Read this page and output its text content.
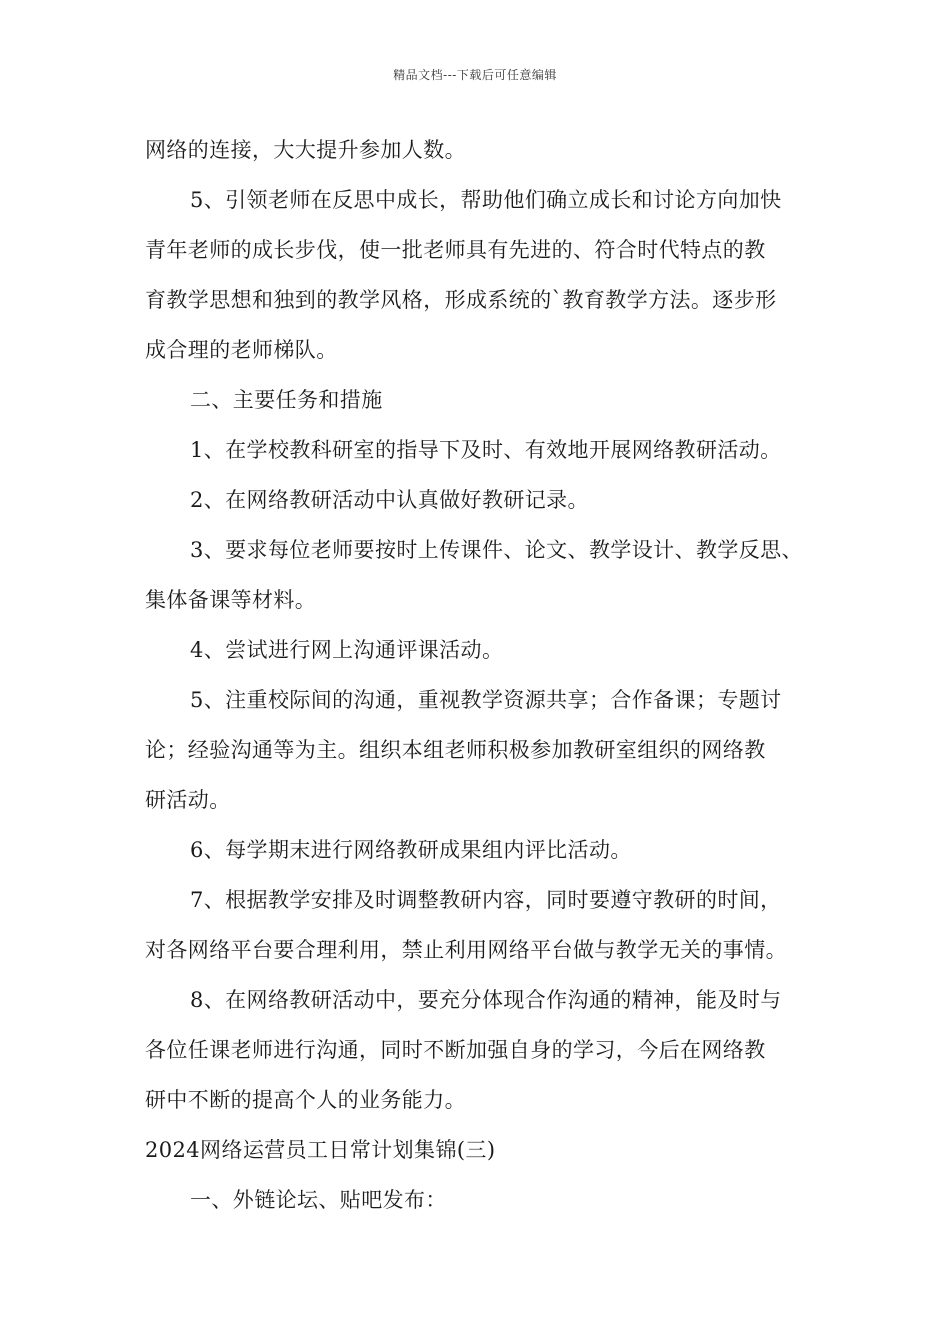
精品文档---下载后可任意编辑
网络的连接，大大提升参加人数。
5、引领老师在反思中成长，帮助他们确立成长和讨论方向加快
青年老师的成长步伐，使一批老师具有先进的、符合时代特点的教
育教学思想和独到的教学风格，形成系统的`教育教学方法。逐步形
成合理的老师梯队。
二、主要任务和措施
1、在学校教科研室的指导下及时、有效地开展网络教研活动。
2、在网络教研活动中认真做好教研记录。
3、要求每位老师要按时上传课件、论文、教学设计、教学反思、
集体备课等材料。
4、尝试进行网上沟通评课活动。
5、注重校际间的沟通，重视教学资源共享；合作备课；专题讨
论；经验沟通等为主。组织本组老师积极参加教研室组织的网络教
研活动。
6、每学期末进行网络教研成果组内评比活动。
7、根据教学安排及时调整教研内容，同时要遵守教研的时间，
对各网络平台要合理利用，禁止利用网络平台做与教学无关的事情。
8、在网络教研活动中，要充分体现合作沟通的精神，能及时与
各位任课老师进行沟通，同时不断加强自身的学习，今后在网络教
研中不断的提高个人的业务能力。
2024网络运营员工日常计划集锦(三)
一、外链论坛、贴吧发布：
